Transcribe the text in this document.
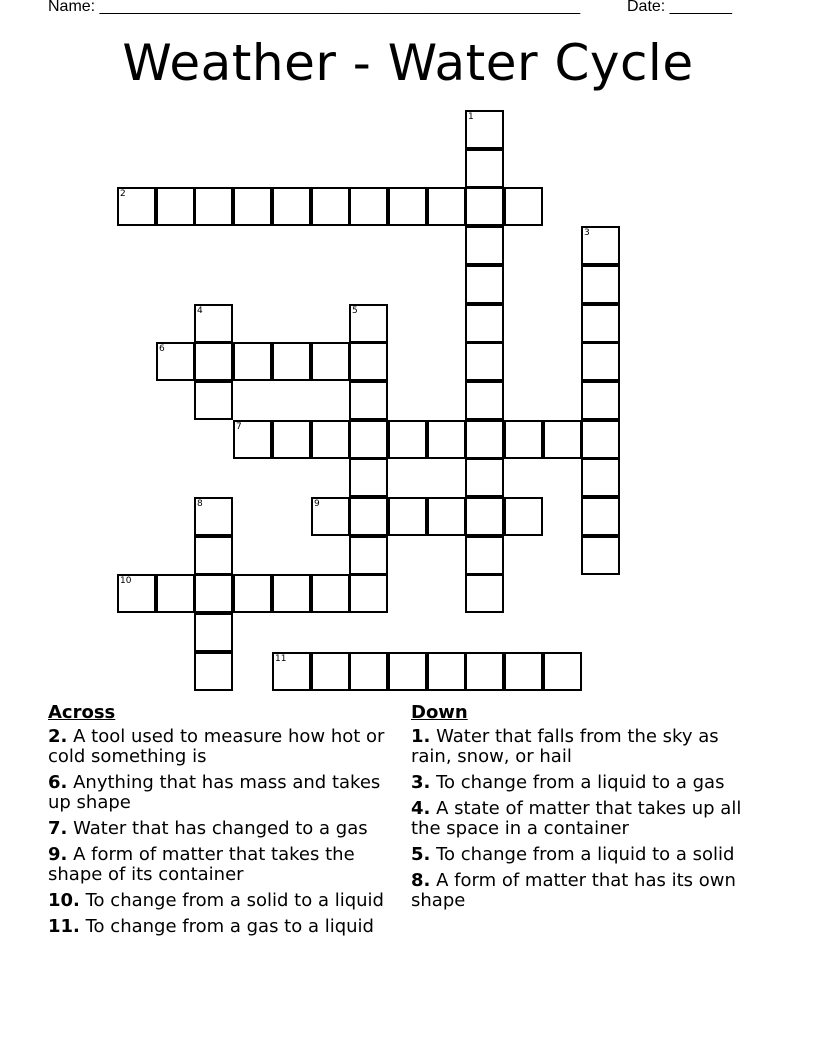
Name: ______________________________________________________	Date: _______
Weather - Water Cycle
1
2
3
4	5
6
7
8	9
10
11
Across
2. A tool used to measure how hot or cold something is
6. Anything that has mass and takes up shape
7. Water that has changed to a gas
9. A form of matter that takes the shape of its container
10. To change from a solid to a liquid
11. To change from a gas to a liquid
Down
1. Water that falls from the sky as rain, snow, or hail
3. To change from a liquid to a gas
4. A state of matter that takes up all the space in a container
5. To change from a liquid to a solid
8. A form of matter that has its own shape
